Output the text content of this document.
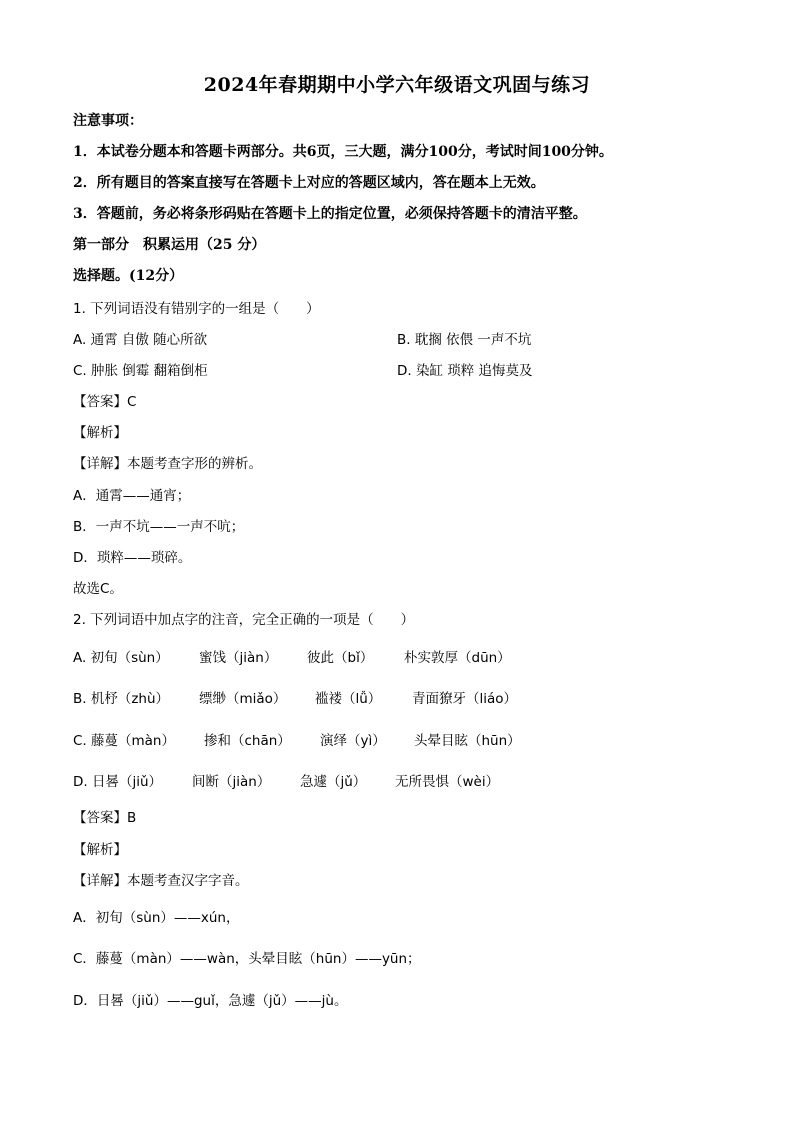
2024年春期期中小学六年级语文巩固与练习
注意事项：
1．本试卷分题本和答题卡两部分。共6页，三大题，满分100分，考试时间100分钟。
2．所有题目的答案直接写在答题卡上对应的答题区域内，答在题本上无效。
3．答题前，务必将条形码贴在答题卡上的指定位置，必须保持答题卡的清洁平整。
第一部分　积累运用（25 分）
选择题。(12分）
1. 下列词语没有错别字的一组是（　　）
A. 通霄 自傲 随心所欲	B. 耽搁 依偎 一声不坑
C. 肿胀 倒霉 翻箱倒柜	D. 染缸 琐粹 追悔莫及
【答案】C
【解析】
【详解】本题考查字形的辨析。
A．通霄——通宵；
B．一声不坑——一声不吭；
D．琐粹——琐碎。
故选C。
2. 下列词语中加点字的注音，完全正确的一项是（　　）
A. 初旬（sùn） 蜜饯（jiàn） 彼此（bǐ） 朴实敦厚（dūn）
B. 机杼（zhù） 缥缈（miǎo） 褴褛（lǚ） 青面獠牙（liáo）
C. 藤蔓（màn） 掺和（chān） 演绎（yì） 头晕目眩（hūn）
D. 日晷（jiǔ） 间断（jiàn） 急遽（jǔ） 无所畏惧（wèi）
【答案】B
【解析】
【详解】本题考查汉字字音。
A．初旬（sùn）——xún，
C．藤蔓（màn）——wàn，头晕目眩（hūn）——yūn；
D．日晷（jiǔ）——guǐ，急遽（jǔ）——jù。
